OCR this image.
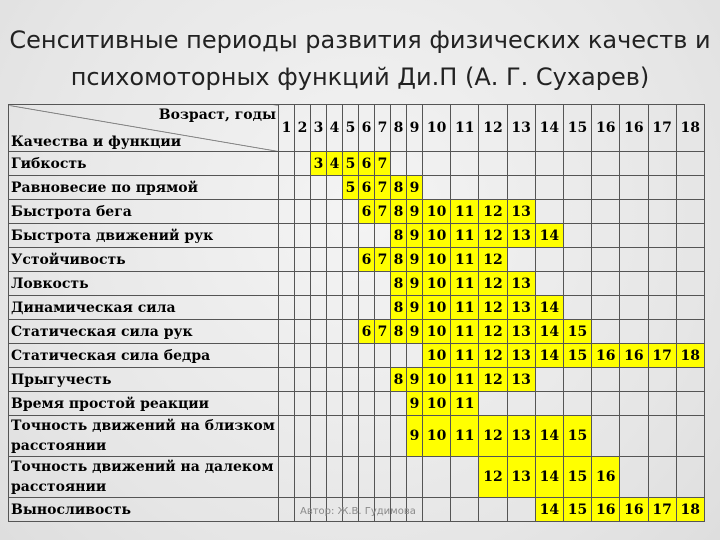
Сенситивные периоды развития физических качеств и психомоторных функций Ди.П (А. Г. Сухарев)
Возраст, годы
Качества и функции	1	2	3	4	5	6	7	8	9	10	11	12	13	14	15	16	16	17	18
Гибкость			3	4	5	6	7												
Равновесие по прямой					5	6	7	8	9										
Быстрота бега						6	7	8	9	10	11	12	13						
Быстрота движений рук								8	9	10	11	12	13	14					
Устойчивость						6	7	8	9	10	11	12							
Ловкость								8	9	10	11	12	13						
Динамическая сила								8	9	10	11	12	13	14					
Статическая сила рук						6	7	8	9	10	11	12	13	14	15				
Статическая сила бедра										10	11	12	13	14	15	16	16	17	18
Прыгучесть								8	9	10	11	12	13						
Время простой реакции									9	10	11								
Точность движений на близком расстоянии									9	10	11	12	13	14	15				
Точность движений на далеком расстоянии												12	13	14	15	16			
Выносливость														14	15	16	16	17	18
Автор: Ж.В. Гудимова
